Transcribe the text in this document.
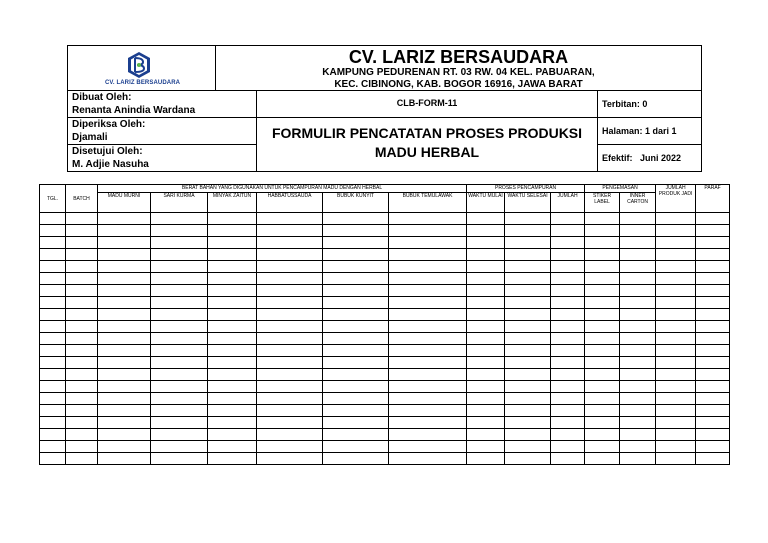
CV. LARIZ BERSAUDARA
CV. LARIZ BERSAUDARA
KAMPUNG PEDURENAN RT. 03 RW. 04 KEL. PABUARAN,
KEC. CIBINONG, KAB. BOGOR 16916, JAWA BARAT
Dibuat Oleh:
Renanta Anindia Wardana
Diperiksa Oleh:
Djamali
Disetujui Oleh:
M. Adjie Nasuha
CLB-FORM-11
FORMULIR PENCATATAN PROSES PRODUKSI
MADU HERBAL
Terbitan: 0
Halaman: 1 dari 1
Efektif:   Juni 2022
TGL.	BATCH	BERAT BAHAN YANG DIGUNAKAN UNTUK PENCAMPURAN MADU DENGAN HERBAL						PROSES PENCAMPURAN			PENGEMASAN		JUMLAH PRODUK JADI	PARAF
		MADU MURNI	SARI KURMA	MINYAK ZAITUN	HABBATUSSAUDA	BUBUK KUNYIT	BUBUK TEMULAWAK	WAKTU MULAI	WAKTU SELESAI	JUMLAH	STIKER LABEL	INNER CARTON		
